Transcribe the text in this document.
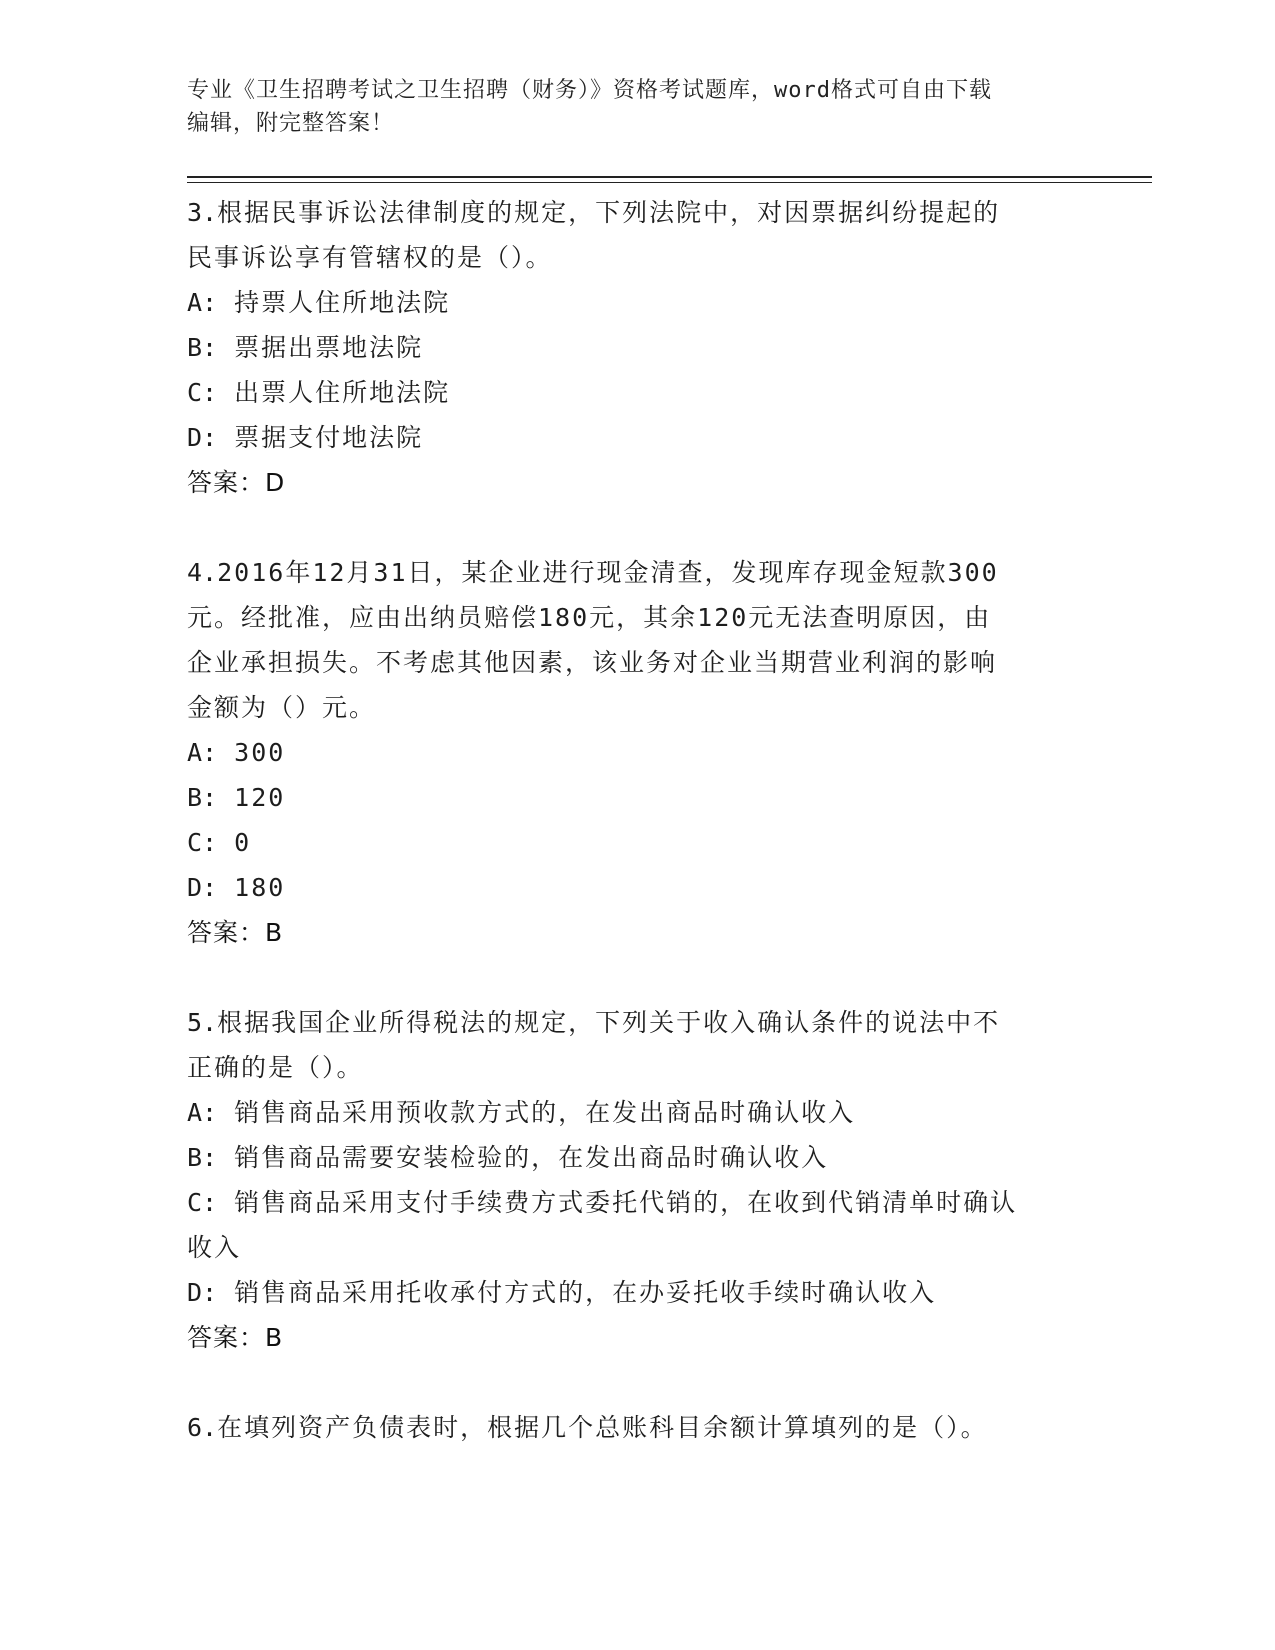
专业《卫生招聘考试之卫生招聘（财务）》资格考试题库，word格式可自由下载
编辑，附完整答案！
3.根据民事诉讼法律制度的规定，下列法院中，对因票据纠纷提起的
民事诉讼享有管辖权的是（）。
A: 持票人住所地法院
B: 票据出票地法院
C: 出票人住所地法院
D: 票据支付地法院
答案：D
4.2016年12月31日，某企业进行现金清查，发现库存现金短款300
元。经批准，应由出纳员赔偿180元，其余120元无法查明原因，由
企业承担损失。不考虑其他因素，该业务对企业当期营业利润的影响
金额为（）元。
A: 300
B: 120
C: 0
D: 180
答案：B
5.根据我国企业所得税法的规定，下列关于收入确认条件的说法中不
正确的是（）。
A: 销售商品采用预收款方式的，在发出商品时确认收入
B: 销售商品需要安装检验的，在发出商品时确认收入
C: 销售商品采用支付手续费方式委托代销的，在收到代销清单时确认
收入
D: 销售商品采用托收承付方式的，在办妥托收手续时确认收入
答案：B
6.在填列资产负债表时，根据几个总账科目余额计算填列的是（）。
